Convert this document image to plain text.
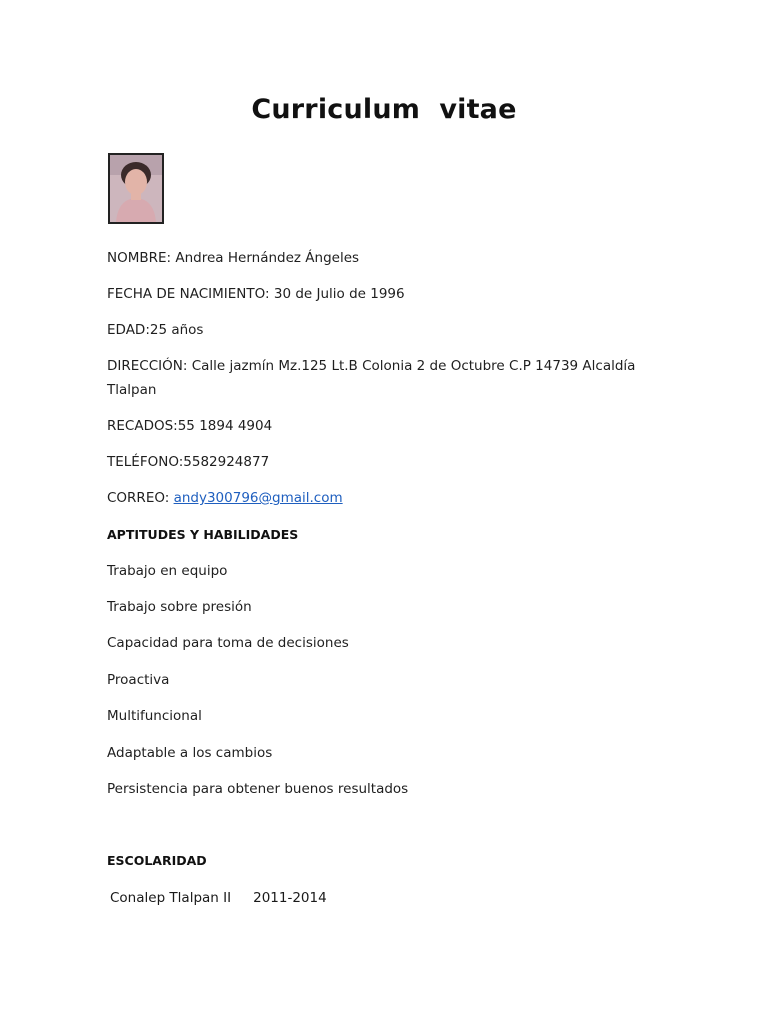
Curriculum  vitae
NOMBRE: Andrea Hernández Ángeles
FECHA DE NACIMIENTO: 30 de Julio de 1996
EDAD:25 años
DIRECCIÓN: Calle jazmín Mz.125 Lt.B Colonia 2 de Octubre C.P 14739 Alcaldía Tlalpan
RECADOS:55 1894 4904
TELÉFONO:5582924877
CORREO: andy300796@gmail.com
APTITUDES Y HABILIDADES
Trabajo en equipo
Trabajo sobre presión
Capacidad para toma de decisiones
Proactiva
Multifuncional
Adaptable a los cambios
Persistencia para obtener buenos resultados
ESCOLARIDAD
Conalep Tlalpan II 2011-2014
